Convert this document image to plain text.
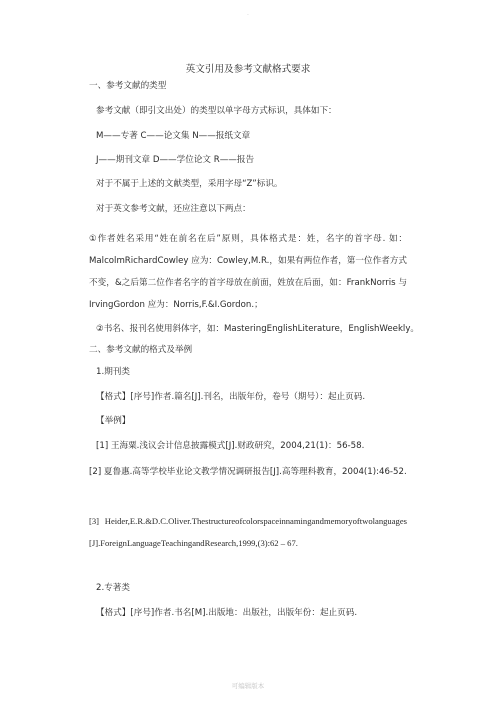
·
英文引用及参考文献格式要求
一、参考文献的类型
参考文献（即引文出处）的类型以单字母方式标识，具体如下：
M——专著 C——论文集 N——报纸文章
J——期刊文章 D——学位论文 R——报告
对于不属于上述的文献类型，采用字母“Z”标识。
对于英文参考文献，还应注意以下两点：
①作者姓名采用“姓在前名在后”原则，具体格式是：姓，名字的首字母. 如：MalcolmRichardCowley 应为：Cowley,M.R.，如果有两位作者，第一位作者方式不变，&之后第二位作者名字的首字母放在前面，姓放在后面，如：FrankNorris 与 IrvingGordon 应为：Norris,F.&I.Gordon.；
②书名、报刊名使用斜体字，如：MasteringEnglishLiterature，EnglishWeekly。
二、参考文献的格式及举例
1.期刊类
【格式】[序号]作者.篇名[J].刊名，出版年份，卷号（期号）：起止页码.
【举例】
[1] 王海粟.浅议会计信息披露模式[J].财政研究，2004,21(1)：56-58.
[2] 夏鲁惠.高等学校毕业论文教学情况调研报告[J].高等理科教育，2004(1):46-52.
[3] Heider,E.R.&D.C.Oliver.Thestructureofcolorspaceinnamingandmemoryoftwolanguages[J].ForeignLanguageTeachingandResearch,1999,(3):62 – 67.
2.专著类
【格式】[序号]作者.书名[M].出版地：出版社，出版年份：起止页码.
可编辑版本
